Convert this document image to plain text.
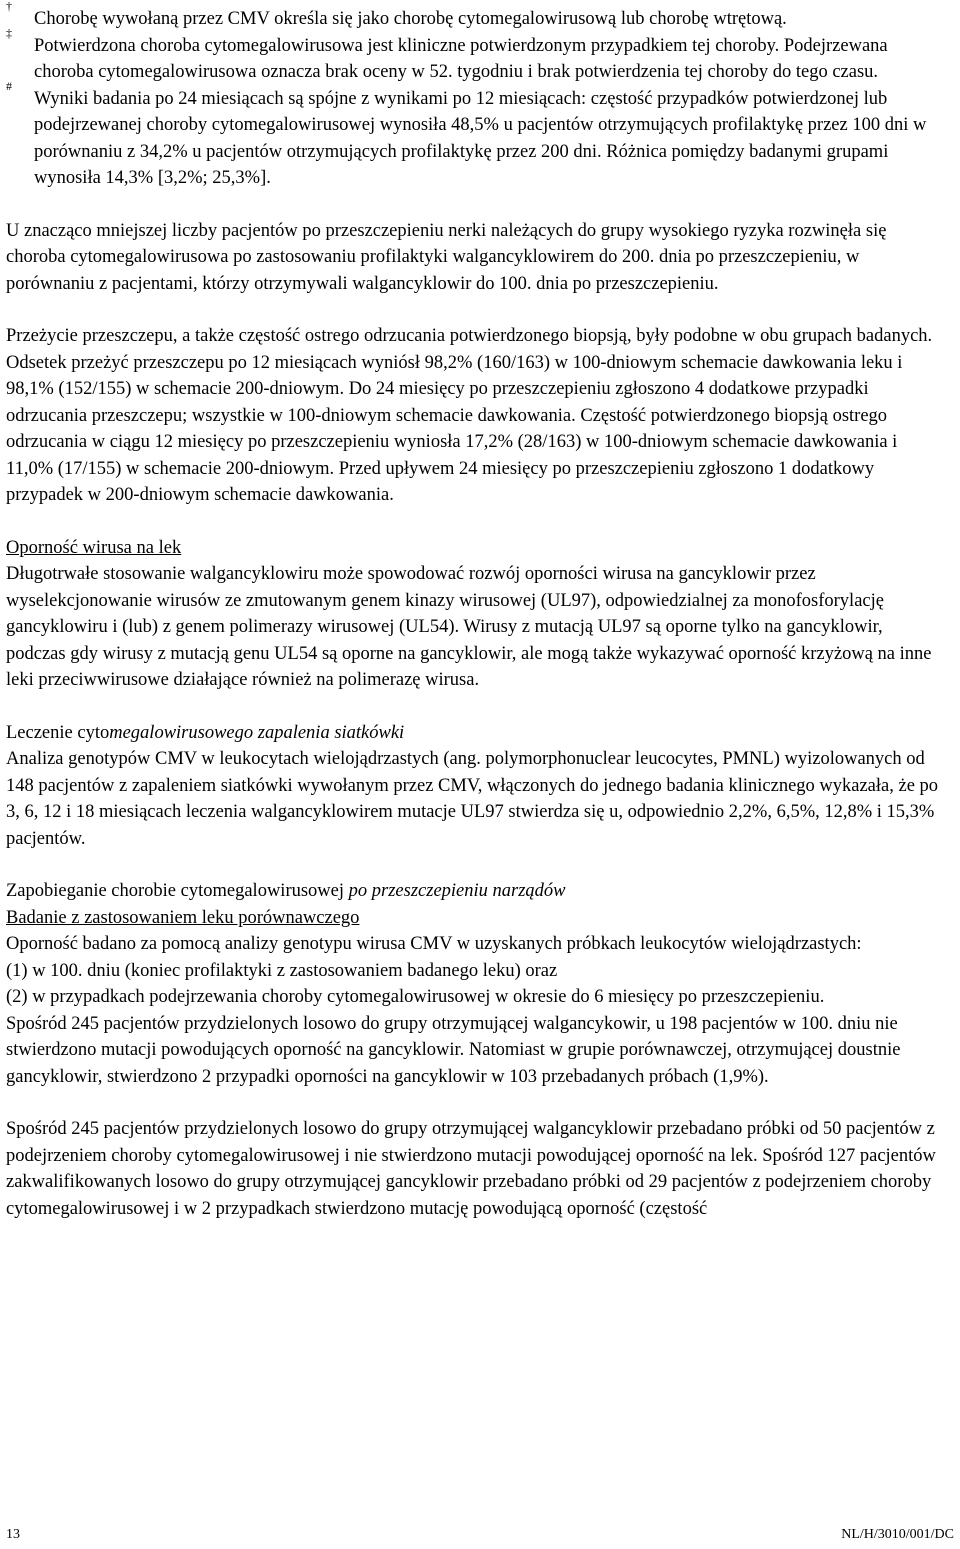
†

Chorobę wywołaną przez CMV określa się jako chorobę cytomegalowirusową lub chorobę wtrętową.

‡

Potwierdzona choroba cytomegalowirusowa jest kliniczne potwierdzonym przypadkiem tej choroby. Podejrzewana choroba cytomegalowirusowa oznacza brak oceny w 52. tygodniu i brak potwierdzenia tej choroby do tego czasu.

#

Wyniki badania po 24 miesiącach są spójne z wynikami po 12 miesiącach: częstość przypadków potwierdzonej lub podejrzewanej choroby cytomegalowirusowej wynosiła 48,5% u pacjentów otrzymujących profilaktykę przez 100 dni w porównaniu z 34,2% u pacjentów otrzymujących profilaktykę przez 200 dni. Różnica pomiędzy badanymi grupami wynosiła 14,3% [3,2%; 25,3%].

U znacząco mniejszej liczby pacjentów po przeszczepieniu nerki należących do grupy wysokiego ryzyka rozwinęła się choroba cytomegalowirusowa po zastosowaniu profilaktyki walgancyklowirem do 200. dnia po przeszczepieniu, w porównaniu z pacjentami, którzy otrzymywali walgancyklowir do 100. dnia po przeszczepieniu.

Przeżycie przeszczepu, a także częstość ostrego odrzucania potwierdzonego biopsją, były podobne w obu grupach badanych. Odsetek przeżyć przeszczepu po 12 miesiącach wyniósł 98,2% (160/163) w 100-dniowym schemacie dawkowania leku i 98,1% (152/155) w schemacie 200-dniowym. Do 24 miesięcy po przeszczepieniu zgłoszono 4 dodatkowe przypadki odrzucania przeszczepu; wszystkie w 100-dniowym schemacie dawkowania. Częstość potwierdzonego biopsją ostrego odrzucania w ciągu 12 miesięcy po przeszczepieniu wyniosła 17,2% (28/163) w 100-dniowym schemacie dawkowania i 11,0% (17/155) w schemacie 200-dniowym. Przed upływem 24 miesięcy po przeszczepieniu zgłoszono 1 dodatkowy przypadek w 200-dniowym schemacie dawkowania.

Oporność wirusa na lek

Długotrwałe stosowanie walgancyklowiru może spowodować rozwój oporności wirusa na gancyklowir przez wyselekcjonowanie wirusów ze zmutowanym genem kinazy wirusowej (UL97), odpowiedzialnej za monofosforylację gancyklowiru i (lub) z genem polimerazy wirusowej (UL54). Wirusy z mutacją UL97 są oporne tylko na gancyklowir, podczas gdy wirusy z mutacją genu UL54 są oporne na gancyklowir, ale mogą także wykazywać oporność krzyżową na inne leki przeciwwirusowe działające również na polimerazę wirusa.

Leczenie cytomegalowirusowego zapalenia siatkówki

Analiza genotypów CMV w leukocytach wielojądrzastych (ang. polymorphonuclear leucocytes, PMNL) wyizolowanych od 148 pacjentów z zapaleniem siatkówki wywołanym przez CMV, włączonych do jednego badania klinicznego wykazała, że po 3, 6, 12 i 18 miesiącach leczenia walgancyklowirem mutacje UL97 stwierdza się u, odpowiednio 2,2%, 6,5%, 12,8% i 15,3% pacjentów.

Zapobieganie chorobie cytomegalowirusowej po przeszczepieniu narządów

Badanie z zastosowaniem leku porównawczego

Oporność badano za pomocą analizy genotypu wirusa CMV w uzyskanych próbkach leukocytów wielojądrzastych:

(1) w 100. dniu (koniec profilaktyki z zastosowaniem badanego leku) oraz

(2) w przypadkach podejrzewania choroby cytomegalowirusowej w okresie do 6 miesięcy po przeszczepieniu.

Spośród 245 pacjentów przydzielonych losowo do grupy otrzymującej walgancykowir, u 198 pacjentów w 100. dniu nie stwierdzono mutacji powodujących oporność na gancyklowir. Natomiast w grupie porównawczej, otrzymującej doustnie gancyklowir, stwierdzono 2 przypadki oporności na gancyklowir w 103 przebadanych próbach (1,9%).

Spośród 245 pacjentów przydzielonych losowo do grupy otrzymującej walgancyklowir przebadano próbki od 50 pacjentów z podejrzeniem choroby cytomegalowirusowej i nie stwierdzono mutacji powodującej oporność na lek. Spośród 127 pacjentów zakwalifikowanych losowo do grupy otrzymującej gancyklowir przebadano próbki od 29 pacjentów z podejrzeniem choroby cytomegalowirusowej i w 2 przypadkach stwierdzono mutację powodującą oporność (częstość

13	NL/H/3010/001/DC
